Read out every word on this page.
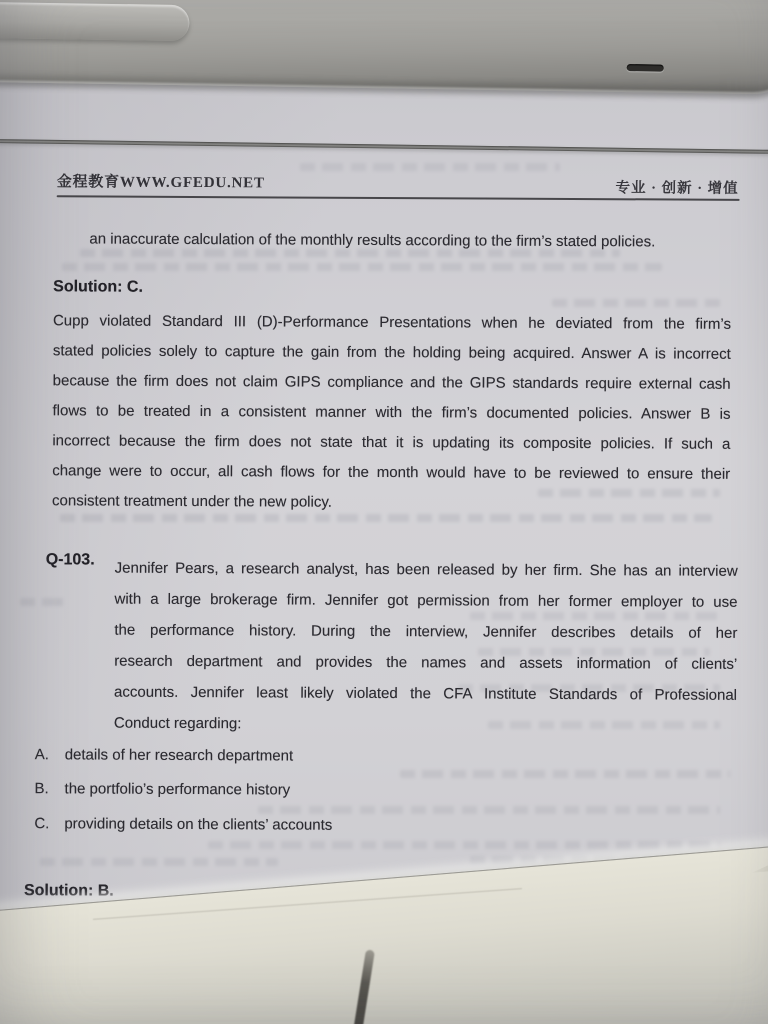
金程教育WWW.GFEDU.NET	专业 · 创新 · 增值
an inaccurate calculation of the monthly results according to the firm’s stated policies.
Solution: C.
Cupp violated Standard III (D)-Performance Presentations when he deviated from the firm’s
stated policies solely to capture the gain from the holding being acquired. Answer A is incorrect
because the firm does not claim GIPS compliance and the GIPS standards require external cash
flows to be treated in a consistent manner with the firm’s documented policies. Answer B is
incorrect because the firm does not state that it is updating its composite policies. If such a
change were to occur, all cash flows for the month would have to be reviewed to ensure their
consistent treatment under the new policy.
Q-103. Jennifer Pears, a research analyst, has been released by her firm. She has an interview
with a large brokerage firm. Jennifer got permission from her former employer to use
the performance history. During the interview, Jennifer describes details of her
research department and provides the names and assets information of clients’
accounts. Jennifer least likely violated the CFA Institute Standards of Professional
Conduct regarding:
A. details of her research department
B. the portfolio’s performance history
C. providing details on the clients’ accounts
Solution: B.
